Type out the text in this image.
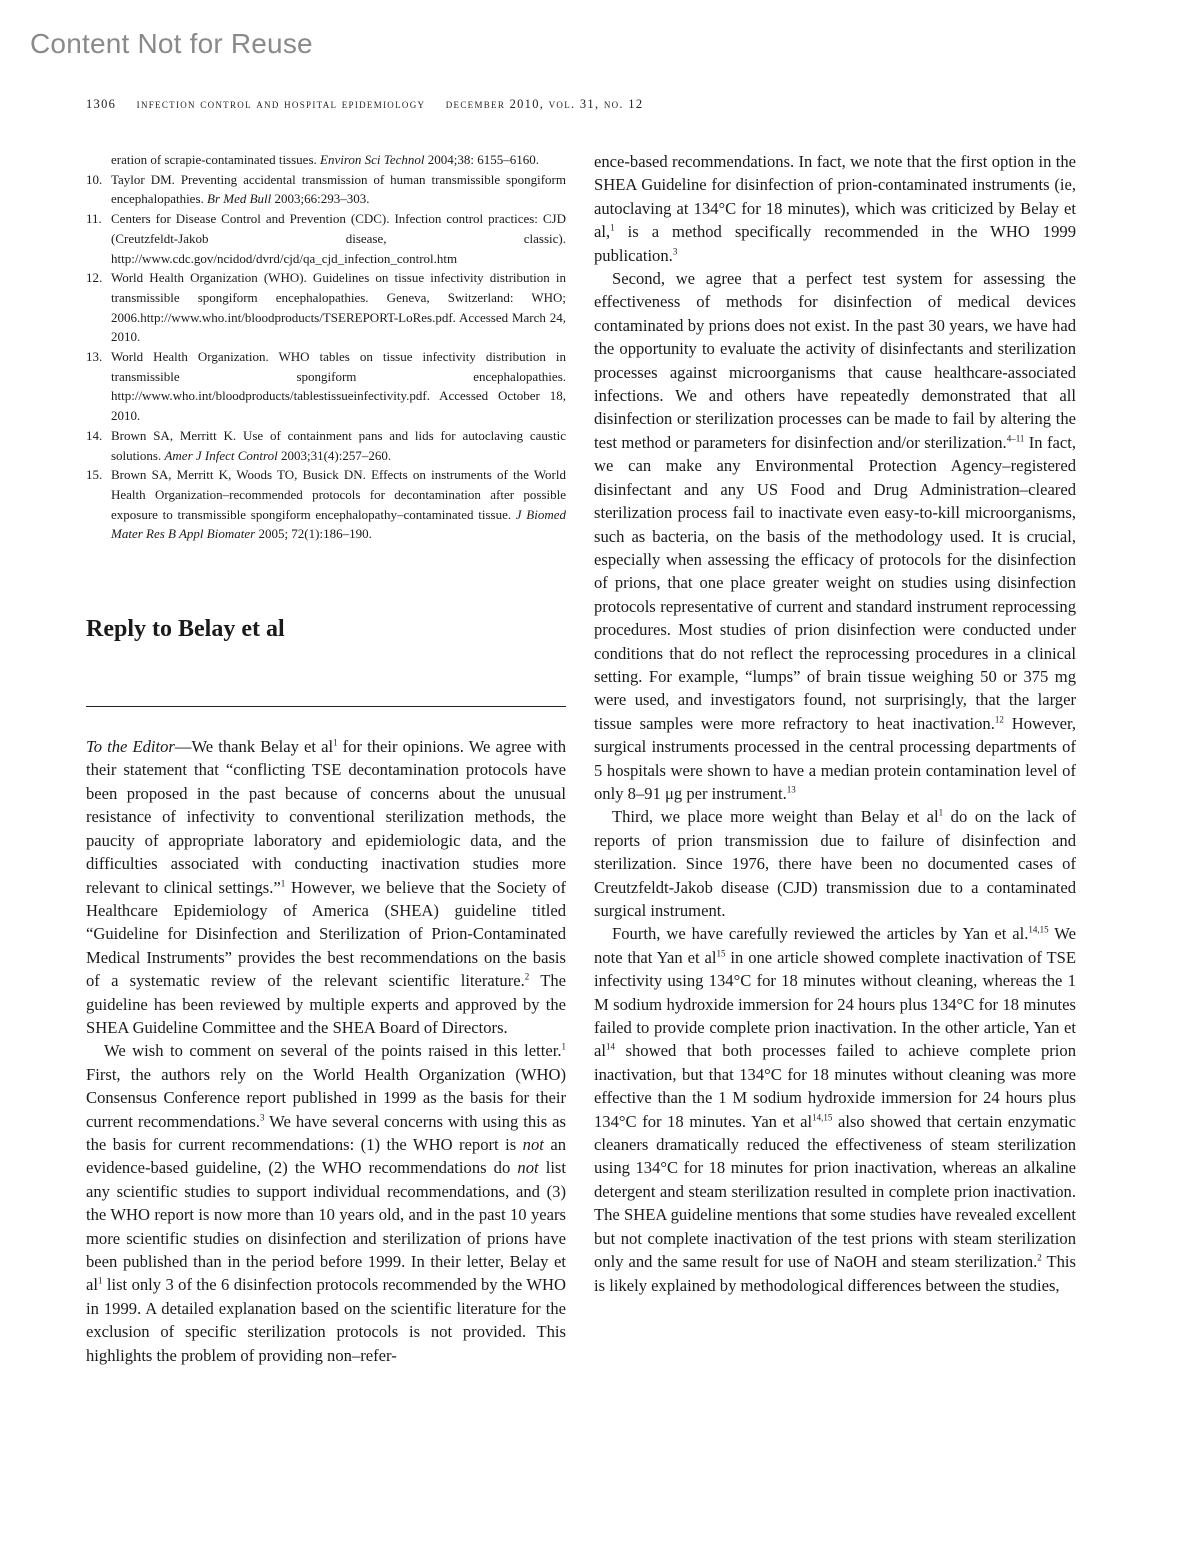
Content Not for Reuse
1306 infection control and hospital epidemiology december 2010, vol. 31, no. 12
eration of scrapie-contaminated tissues. Environ Sci Technol 2004;38: 6155–6160.
10. Taylor DM. Preventing accidental transmission of human transmissible spongiform encephalopathies. Br Med Bull 2003;66:293–303.
11. Centers for Disease Control and Prevention (CDC). Infection control practices: CJD (Creutzfeldt-Jakob disease, classic). http://www.cdc.gov/ncidod/dvrd/cjd/qa_cjd_infection_control.htm
12. World Health Organization (WHO). Guidelines on tissue infectivity distribution in transmissible spongiform encephalopathies. Geneva, Switzerland: WHO; 2006.http://www.who.int/bloodproducts/TSEREPORT-LoRes.pdf. Accessed March 24, 2010.
13. World Health Organization. WHO tables on tissue infectivity distribution in transmissible spongiform encephalopathies. http://www.who.int/bloodproducts/tablestissueinfectivity.pdf. Accessed October 18, 2010.
14. Brown SA, Merritt K. Use of containment pans and lids for autoclaving caustic solutions. Amer J Infect Control 2003;31(4):257–260.
15. Brown SA, Merritt K, Woods TO, Busick DN. Effects on instruments of the World Health Organization–recommended protocols for decontamination after possible exposure to transmissible spongiform encephalopathy–contaminated tissue. J Biomed Mater Res B Appl Biomater 2005; 72(1):186–190.
Reply to Belay et al

To the Editor—We thank Belay et $al^1$ for their opinions. We agree with their statement that “conflicting TSE decontamination protocols have been proposed in the past because of concerns about the unusual resistance of infectivity to conventional sterilization methods, the paucity of appropriate laboratory and epidemiologic data, and the difficulties associated with conducting inactivation studies more relevant to clinical settings.”$^1$ However, we believe that the Society of Healthcare Epidemiology of America (SHEA) guideline titled “Guideline for Disinfection and Sterilization of Prion-Contaminated Medical Instruments” provides the best recommendations on the basis of a systematic review of the relevant scientific literature.$^2$ The guideline has been reviewed by multiple experts and approved by the SHEA Guideline Committee and the SHEA Board of Directors.

We wish to comment on several of the points raised in this letter.$^1$ First, the authors rely on the World Health Organization (WHO) Consensus Conference report published in 1999 as the basis for their current recommendations.$^3$ We have several concerns with using this as the basis for current recommendations: (1) the WHO report is not an evidence-based guideline, (2) the WHO recommendations do not list any scientific studies to support individual recommendations, and (3) the WHO report is now more than 10 years old, and in the past 10 years more scientific studies on disinfection and sterilization of prions have been published than in the period before 1999. In their letter, Belay et $al^1$ list only 3 of the 6 disinfection protocols recommended by the WHO in 1999. A detailed explanation based on the scientific literature for the exclusion of specific sterilization protocols is not provided. This highlights the problem of providing non–refer-

ence-based recommendations. In fact, we note that the first option in the SHEA Guideline for disinfection of prion-contaminated instruments (ie, autoclaving at 134°C for 18 minutes), which was criticized by Belay et al,$^1$ is a method specifically recommended in the WHO 1999 publication.$^3$

Second, we agree that a perfect test system for assessing the effectiveness of methods for disinfection of medical devices contaminated by prions does not exist. In the past 30 years, we have had the opportunity to evaluate the activity of disinfectants and sterilization processes against microorganisms that cause healthcare-associated infections. We and others have repeatedly demonstrated that all disinfection or sterilization processes can be made to fail by altering the test method or parameters for disinfection and/or sterilization.$^{4-11}$ In fact, we can make any Environmental Protection Agency–registered disinfectant and any US Food and Drug Administration–cleared sterilization process fail to inactivate even easy-to-kill microorganisms, such as bacteria, on the basis of the methodology used. It is crucial, especially when assessing the efficacy of protocols for the disinfection of prions, that one place greater weight on studies using disinfection protocols representative of current and standard instrument reprocessing procedures. Most studies of prion disinfection were conducted under conditions that do not reflect the reprocessing procedures in a clinical setting. For example, “lumps” of brain tissue weighing 50 or 375 mg were used, and investigators found, not surprisingly, that the larger tissue samples were more refractory to heat inactivation.$^{12}$ However, surgical instruments processed in the central processing departments of 5 hospitals were shown to have a median protein contamination level of only 8–91 μg per instrument.$^{13}$

Third, we place more weight than Belay et $al^1$ do on the lack of reports of prion transmission due to failure of disinfection and sterilization. Since 1976, there have been no documented cases of Creutzfeldt-Jakob disease (CJD) transmission due to a contaminated surgical instrument.

Fourth, we have carefully reviewed the articles by Yan et al.$^{14,15}$ We note that Yan et $al^{15}$ in one article showed complete inactivation of TSE infectivity using 134°C for 18 minutes without cleaning, whereas the 1 M sodium hydroxide immersion for 24 hours plus 134°C for 18 minutes failed to provide complete prion inactivation. In the other article, Yan et $al^{14}$ showed that both processes failed to achieve complete prion inactivation, but that 134°C for 18 minutes without cleaning was more effective than the 1 M sodium hydroxide immersion for 24 hours plus 134°C for 18 minutes. Yan et al$^{14,15}$ also showed that certain enzymatic cleaners dramatically reduced the effectiveness of steam sterilization using 134°C for 18 minutes for prion inactivation, whereas an alkaline detergent and steam sterilization resulted in complete prion inactivation. The SHEA guideline mentions that some studies have revealed excellent but not complete inactivation of the test prions with steam sterilization only and the same result for use of NaOH and steam sterilization.$^2$ This is likely explained by methodological differences between the studies,
